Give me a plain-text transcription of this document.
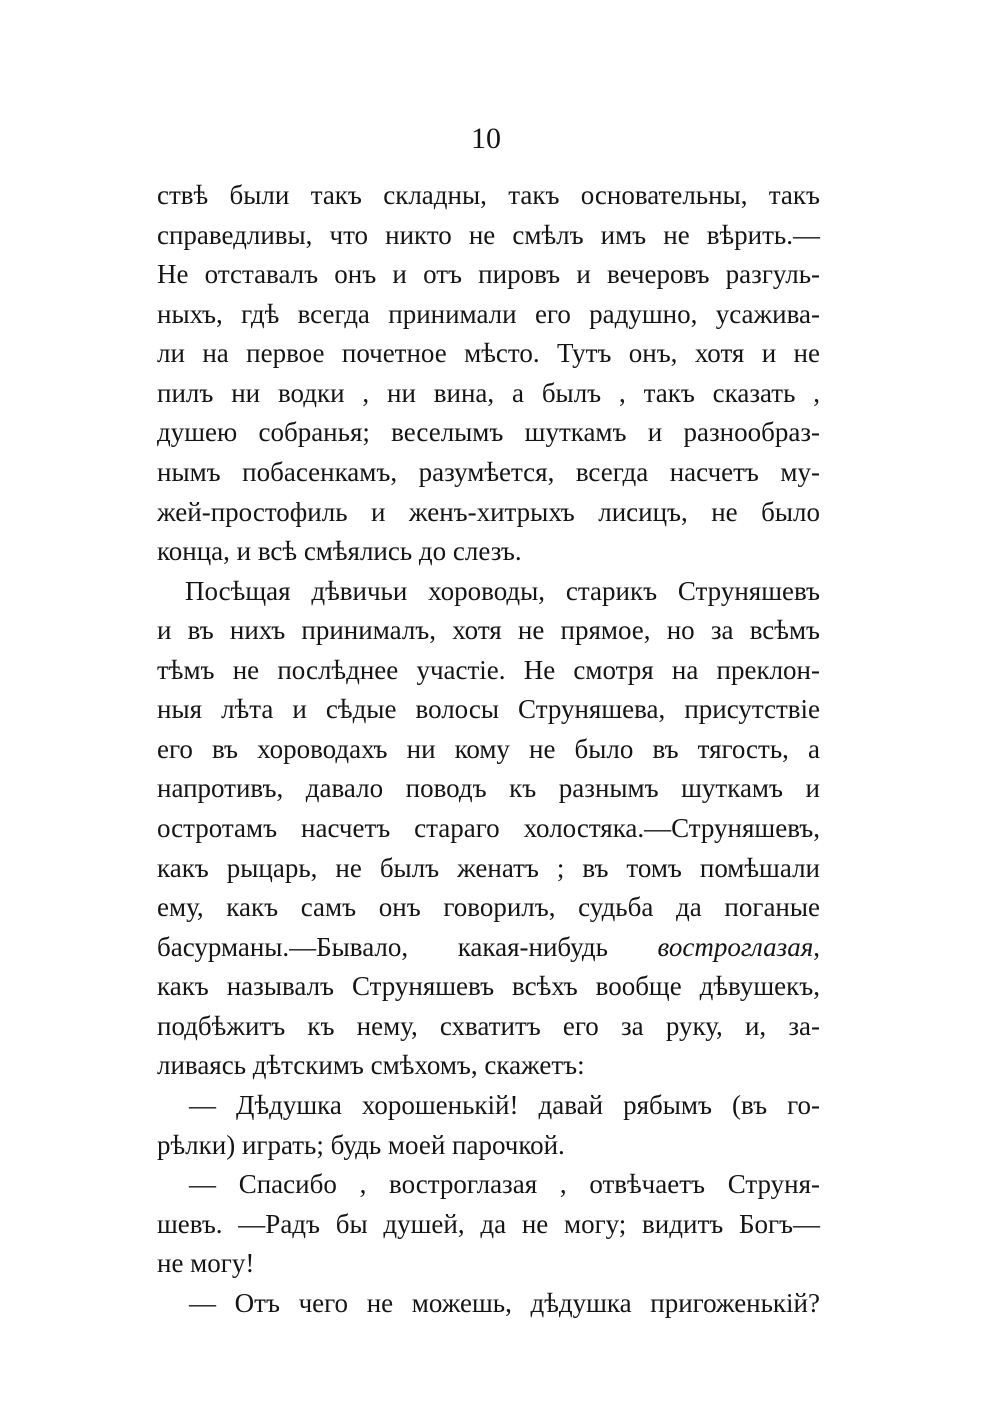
10
ствѣ были такъ складны, такъ основательны, такъ
справедливы, что никто не смѣлъ имъ не вѣрить.—
Не отставалъ онъ и отъ пировъ и вечеровъ разгуль-
ныхъ, гдѣ всегда принимали его радушно, усажива-
ли на первое почетное мѣсто. Тутъ онъ, хотя и не
пилъ ни водки , ни вина, а былъ , такъ сказать ,
душею собранья; веселымъ шуткамъ и разнообраз-
нымъ побасенкамъ, разумѣется, всегда насчетъ му-
жей-простофиль и женъ-хитрыхъ лисицъ, не было
конца, и всѣ смѣялись до слезъ.
Посѣщая дѣвичьи хороводы, старикъ Струняшевъ
и въ нихъ принималъ, хотя не прямое, но за всѣмъ
тѣмъ не послѣднее участіе. Не смотря на преклон-
ныя лѣта и сѣдые волосы Струняшева, присутствіе
его въ хороводахъ ни кому не было въ тягость, а
напротивъ, давало поводъ къ разнымъ шуткамъ и
остротамъ насчетъ стараго холостяка.—Струняшевъ,
какъ рыцарь, не былъ женатъ ; въ томъ помѣшали
ему, какъ самъ онъ говорилъ, судьба да поганые
басурманы.—Бывало, какая-нибудь востроглазая,
какъ называлъ Струняшевъ всѣхъ вообще дѣвушекъ,
подбѣжитъ къ нему, схватитъ его за руку, и, за-
ливаясь дѣтскимъ смѣхомъ, скажетъ:
— Дѣдушка хорошенькій! давай рябымъ (въ го-
рѣлки) играть; будь моей парочкой.
— Спасибо , востроглазая , отвѣчаетъ Струня-
шевъ. —Радъ бы душей, да не могу; видитъ Богъ—
не могу!
— Отъ чего не можешь, дѣдушка пригоженькій?
